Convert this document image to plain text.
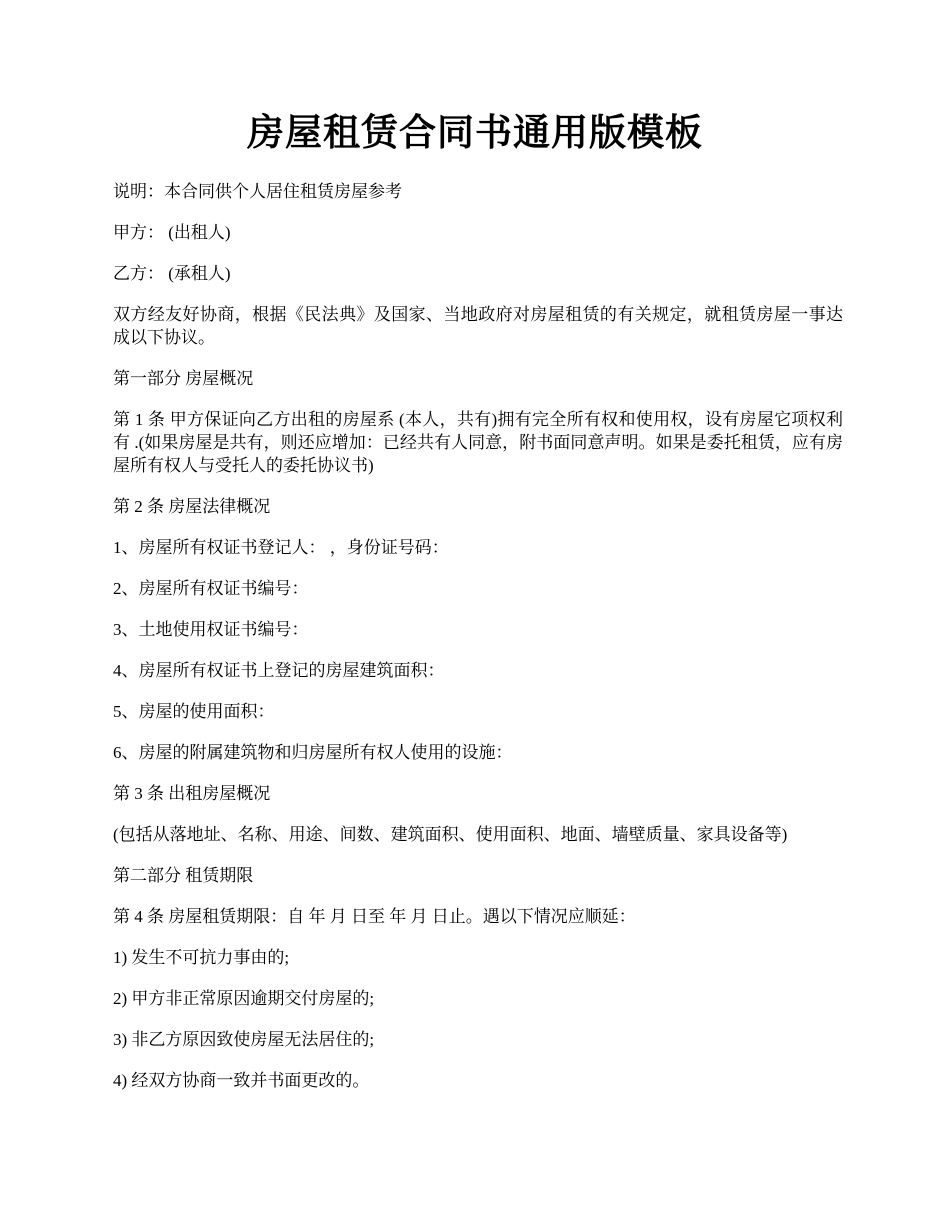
房屋租赁合同书通用版模板

说明：本合同供个人居住租赁房屋参考

甲方： (出租人)

乙方： (承租人)

双方经友好协商，根据《民法典》及国家、当地政府对房屋租赁的有关规定，就租赁房屋一事达成以下协议。

第一部分 房屋概况

第 1 条 甲方保证向乙方出租的房屋系 (本人，共有)拥有完全所有权和使用权，设有房屋它项权利有 .(如果房屋是共有，则还应增加：已经共有人同意，附书面同意声明。如果是委托租赁，应有房屋所有权人与受托人的委托协议书)

第 2 条 房屋法律概况

1、房屋所有权证书登记人： ，身份证号码：

2、房屋所有权证书编号：

3、土地使用权证书编号：

4、房屋所有权证书上登记的房屋建筑面积：

5、房屋的使用面积：

6、房屋的附属建筑物和归房屋所有权人使用的设施：

第 3 条 出租房屋概况

(包括从落地址、名称、用途、间数、建筑面积、使用面积、地面、墙壁质量、家具设备等)

第二部分 租赁期限

第 4 条 房屋租赁期限：自 年 月 日至 年 月 日止。遇以下情况应顺延：

1) 发生不可抗力事由的;

2) 甲方非正常原因逾期交付房屋的;

3) 非乙方原因致使房屋无法居住的;

4) 经双方协商一致并书面更改的。
